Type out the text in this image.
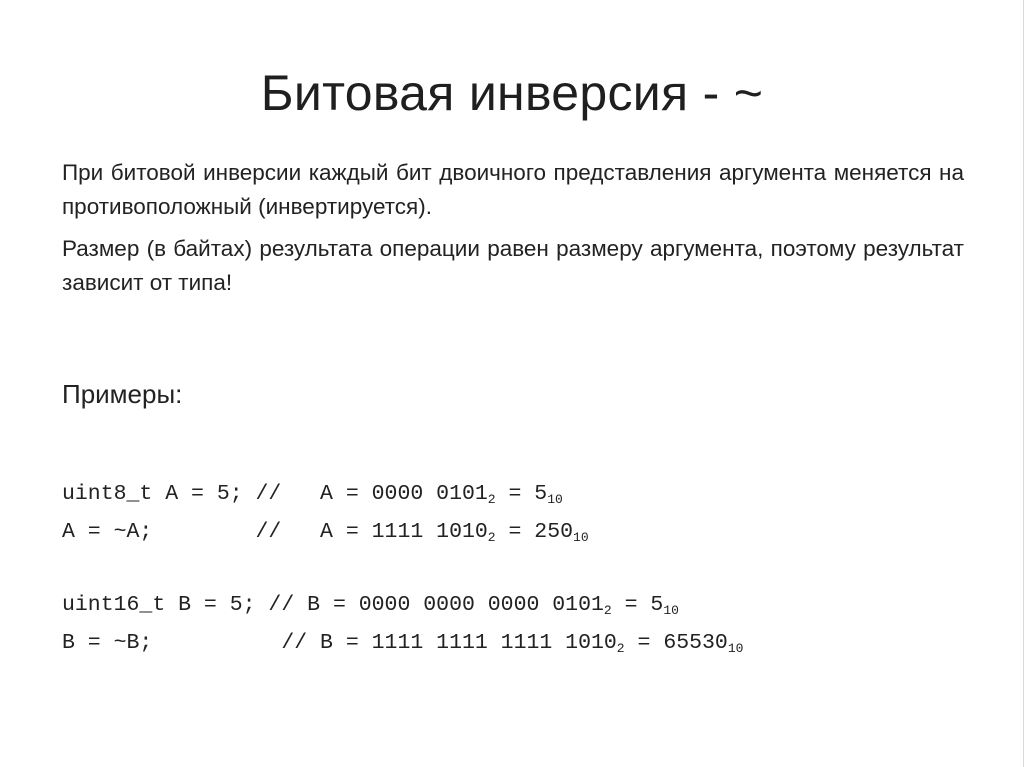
Битовая инверсия - ~
При битовой инверсии каждый бит двоичного представления аргумента меняется на противоположный (инвертируется).
Размер (в байтах) результата операции равен размеру аргумента, поэтому результат зависит от типа!
Примеры:
uint8_t A = 5; //   A = 0000 $0101_2 = 5_{10}$
A = ~A;        //   A = 1111 $1010_2 = 250_{10}$
uint16_t B = 5; // B = 0000 0000 0000 $0101_2 = 5_{10}$
B = ~B;          // B = 1111 1111 1111 $1010_2 = 65530_{10}$
